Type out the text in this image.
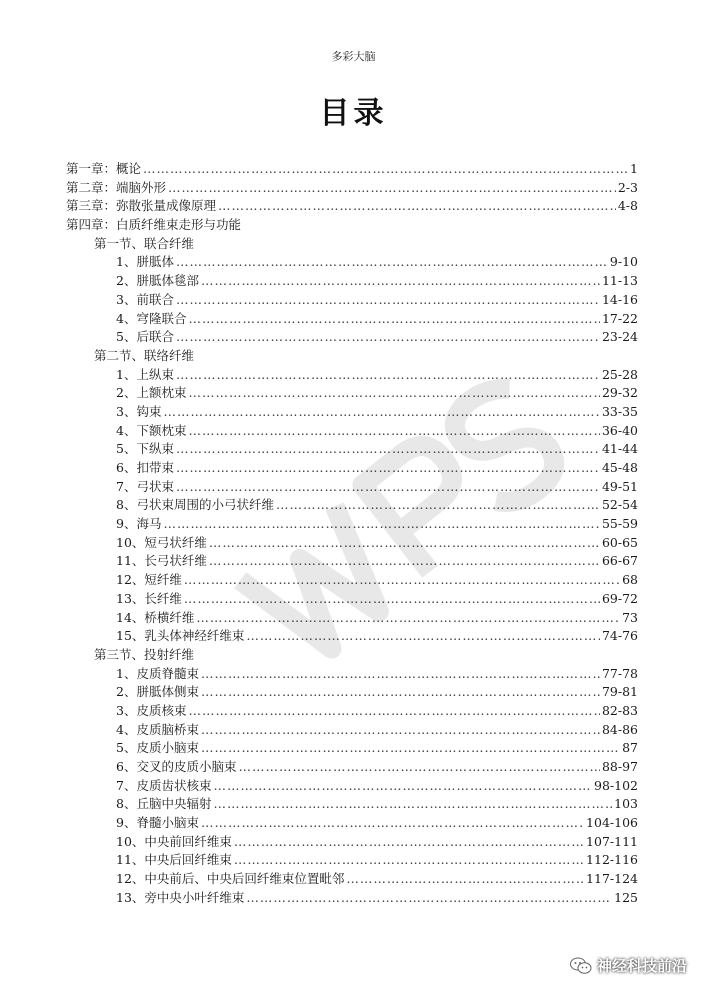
多彩大脑
目录
第一章：概论 …………………………………………………………………………………………………………………………………………………………………………………………………………	1
第二章：端脑外形 …………………………………………………………………………………………………………………………………………………………………………………………………………	2-3
第三章：弥散张量成像原理 …………………………………………………………………………………………………………………………………………………………………………………………………………	4-8
第四章：白质纤维束走形与功能
第一节、联合纤维
1、胼胝体 …………………………………………………………………………………………………………………………………………………………………………………………………………	9-10
2、胼胝体毯部 …………………………………………………………………………………………………………………………………………………………………………………………………………	11-13
3、前联合 …………………………………………………………………………………………………………………………………………………………………………………………………………	14-16
4、穹隆联合 …………………………………………………………………………………………………………………………………………………………………………………………………………	17-22
5、后联合 …………………………………………………………………………………………………………………………………………………………………………………………………………	23-24
第二节、联络纤维
1、上纵束 …………………………………………………………………………………………………………………………………………………………………………………………………………	25-28
2、上额枕束 …………………………………………………………………………………………………………………………………………………………………………………………………………	29-32
3、钩束 …………………………………………………………………………………………………………………………………………………………………………………………………………	33-35
4、下额枕束 …………………………………………………………………………………………………………………………………………………………………………………………………………	36-40
5、下纵束 …………………………………………………………………………………………………………………………………………………………………………………………………………	41-44
6、扣带束 …………………………………………………………………………………………………………………………………………………………………………………………………………	45-48
7、弓状束 …………………………………………………………………………………………………………………………………………………………………………………………………………	49-51
8、弓状束周围的小弓状纤维 …………………………………………………………………………………………………………………………………………………………………………………………………………	52-54
9、海马 …………………………………………………………………………………………………………………………………………………………………………………………………………	55-59
10、短弓状纤维 …………………………………………………………………………………………………………………………………………………………………………………………………………	60-65
11、长弓状纤维 …………………………………………………………………………………………………………………………………………………………………………………………………………	66-67
12、短纤维 …………………………………………………………………………………………………………………………………………………………………………………………………………	68
13、长纤维 …………………………………………………………………………………………………………………………………………………………………………………………………………	69-72
14、桥横纤维 …………………………………………………………………………………………………………………………………………………………………………………………………………	73
15、乳头体神经纤维束 …………………………………………………………………………………………………………………………………………………………………………………………………………	74-76
第三节、投射纤维
1、皮质脊髓束 …………………………………………………………………………………………………………………………………………………………………………………………………………	77-78
2、胼胝体侧束 …………………………………………………………………………………………………………………………………………………………………………………………………………	79-81
3、皮质核束 …………………………………………………………………………………………………………………………………………………………………………………………………………	82-83
4、皮质脑桥束 …………………………………………………………………………………………………………………………………………………………………………………………………………	84-86
5、皮质小脑束 …………………………………………………………………………………………………………………………………………………………………………………………………………	87
6、交叉的皮质小脑束 …………………………………………………………………………………………………………………………………………………………………………………………………………	88-97
7、皮质齿状核束 …………………………………………………………………………………………………………………………………………………………………………………………………………	98-102
8、丘脑中央辐射 …………………………………………………………………………………………………………………………………………………………………………………………………………	103
9、脊髓小脑束 …………………………………………………………………………………………………………………………………………………………………………………………………………	104-106
10、中央前回纤维束 …………………………………………………………………………………………………………………………………………………………………………………………………………	107-111
11、中央后回纤维束 …………………………………………………………………………………………………………………………………………………………………………………………………………	112-116
12、中央前后、中央后回纤维束位置毗邻 …………………………………………………………………………………………………………………………………………………………………………………………………………	117-124
13、旁中央小叶纤维束 …………………………………………………………………………………………………………………………………………………………………………………………………………	125
神经科技前沿
